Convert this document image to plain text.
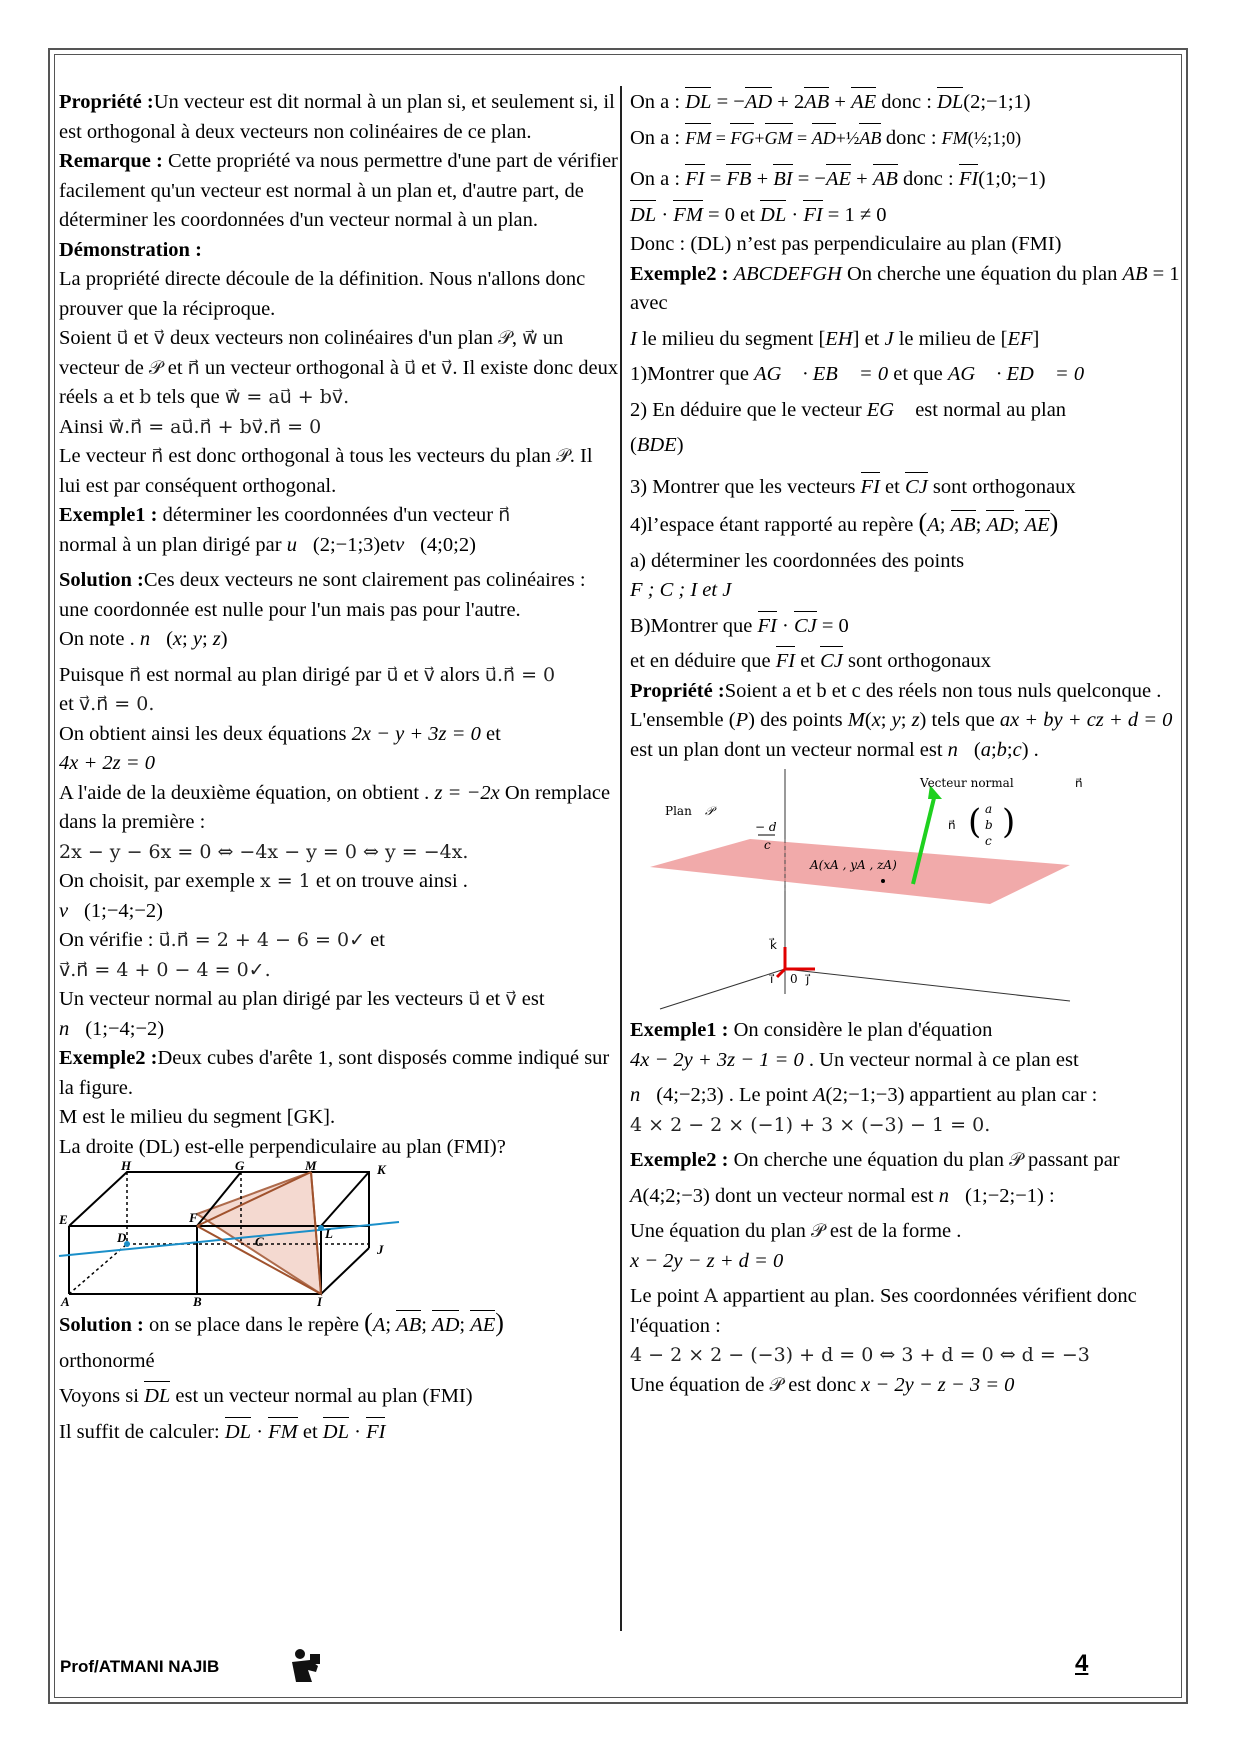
Propriété :Un vecteur est dit normal à un plan si, et seulement si, il est orthogonal à deux vecteurs non colinéaires de ce plan.

Remarque : Cette propriété va nous permettre d'une part de vérifier facilement qu'un vecteur est normal à un plan et, d'autre part, de déterminer les coordonnées d'un vecteur normal à un plan.

Démonstration :

La propriété directe découle de la définition. Nous n'allons donc prouver que la réciproque.

Soient u⃗ et v⃗ deux vecteurs non colinéaires d'un plan 𝒫, w⃗ un vecteur de 𝒫 et n⃗ un vecteur orthogonal à u⃗ et v⃗. Il existe donc deux réels a et b tels que w⃗ = au⃗ + bv⃗.

Ainsi w⃗.n⃗ = au⃗.n⃗ + bv⃗.n⃗ = 0

Le vecteur n⃗ est donc orthogonal à tous les vecteurs du plan 𝒫. Il lui est par conséquent orthogonal.

Exemple1 : déterminer les coordonnées d'un vecteur n⃗
normal à un plan dirigé par u⃗(2;−1;3)etv⃗(4;0;2)

Solution :Ces deux vecteurs ne sont clairement pas colinéaires : une coordonnée est nulle pour l'un mais pas pour l'autre.

On note . n⃗(x; y; z)

Puisque n⃗ est normal au plan dirigé par u⃗ et v⃗ alors u⃗.n⃗ = 0
et v⃗.n⃗ = 0.

On obtient ainsi les deux équations 2x − y + 3z = 0 et
4x + 2z = 0

A l'aide de la deuxième équation, on obtient . z = −2x On remplace dans la première :
2x − y − 6x = 0 ⇔ −4x − y = 0 ⇔ y = −4x.

On choisit, par exemple x = 1 et on trouve ainsi .
v⃗(1;−4;−2)

On vérifie : u⃗.n⃗ = 2 + 4 − 6 = 0✓ et
v⃗.n⃗ = 4 + 0 − 4 = 0✓.

Un vecteur normal au plan dirigé par les vecteurs u⃗ et v⃗ est
n⃗(1;−4;−2)

Exemple2 :Deux cubes d'arête 1, sont disposés comme indiqué sur la figure.

M est le milieu du segment [GK].

La droite (DL) est-elle perpendiculaire au plan (FMI)?

H	G	M	K
E	F
D	C
L
J
A	B	I

Solution : on se place dans le repère (A; AB; AD; AE)

orthonormé

Voyons si DL est un vecteur normal au plan (FMI)

Il suffit de calculer: DL · FM et DL · FI

On a : DL = −AD + 2AB + AE donc : DL(2;−1;1)

On a : FM = FG+GM = AD+½AB donc : FM(½;1;0)

On a : FI = FB + BI = −AE + AB donc : FI(1;0;−1)

DL · FM = 0 et DL · FI = 1 ≠ 0

Donc : (DL) n’est pas perpendiculaire au plan (FMI)

Exemple2 : ABCDEFGH On cherche une équation du plan AB = 1 avec

I le milieu du segment [EH] et J le milieu de [EF]

1)Montrer que AG⃗ · EB⃗ = 0 et que AG⃗ · ED⃗ = 0

2) En déduire que le vecteur EG⃗ est normal au plan

(BDE)

3) Montrer que les vecteurs FI et CJ sont orthogonaux

4)l’espace étant rapporté au repère (A; AB; AD; AE)

a) déterminer les coordonnées des points

F ; C ; I et J

B)Montrer que FI · CJ = 0

et en déduire que FI et CJ sont orthogonaux

Propriété :Soient a et b et c des réels non tous nuls quelconque . L'ensemble (P) des points M(x; y; z) tels que ax + by + cz + d = 0 est un plan dont un vecteur normal est n⃗(a;b;c) .

Vecteur normal	n⃗
Plan 𝒫
− d
c
A(xA , yA , zA)
n⃗ ( a
b
c )
k⃗
i⃗ 0 j⃗

Exemple1 : On considère le plan d'équation

4x − 2y + 3z − 1 = 0 . Un vecteur normal à ce plan est

n⃗(4;−2;3) . Le point A(2;−1;−3) appartient au plan car :

4 × 2 − 2 × (−1) + 3 × (−3) − 1 = 0.

Exemple2 : On cherche une équation du plan 𝒫 passant par

A(4;2;−3) dont un vecteur normal est n⃗(1;−2;−1) :

Une équation du plan 𝒫 est de la forme .

x − 2y − z + d = 0

Le point A appartient au plan. Ses coordonnées vérifient donc l'équation :

4 − 2 × 2 − (−3) + d = 0 ⇔ 3 + d = 0 ⇔ d = −3

Une équation de 𝒫 est donc x − 2y − z − 3 = 0

Prof/ATMANI NAJIB	4
